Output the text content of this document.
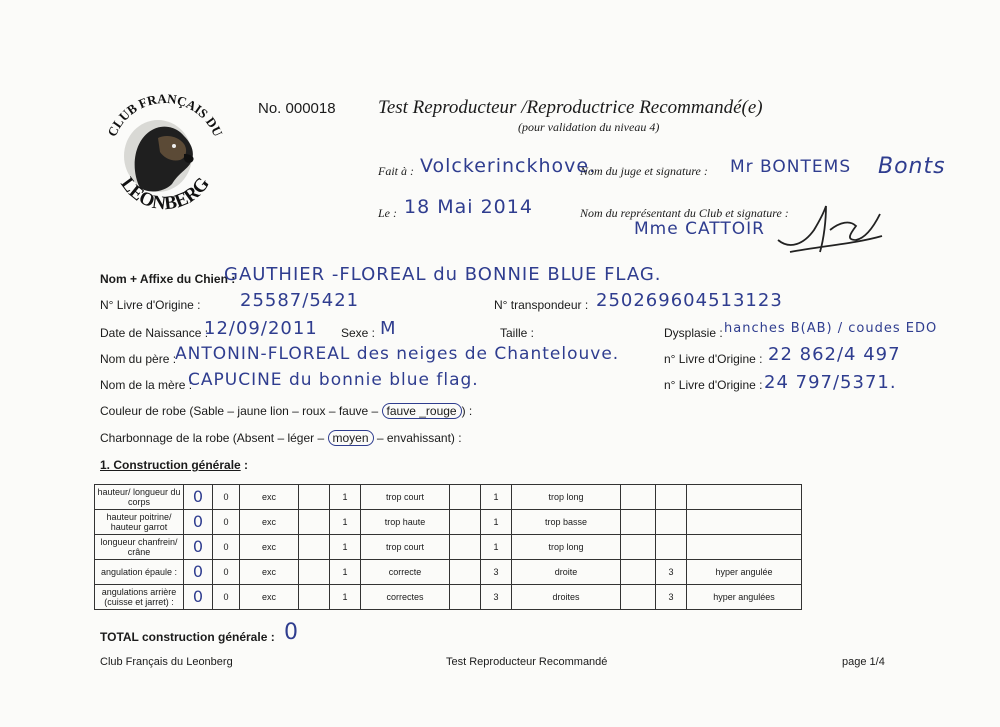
CLUB FRANÇAIS DU
LEONBERG
No. 000018 Test Reproducteur /Reproductrice Recommandé(e)
(pour validation du niveau 4)
Fait à : Volckerinckhove.
Le : 18 Mai 2014
Nom du juge et signature : Mr BONTEMS Bonts
Nom du représentant du Club et signature :
Mme CATTOIR
Nom + Affixe du Chien :
GAUTHIER -FLOREAL du BONNIE BLUE FLAG.
N° Livre d'Origine : 25587/5421	N° transpondeur : 250269604513123
Date de Naissance :
12/09/2011 Sexe : M	Taille :	Dysplasie : hanches B(AB) / coudes EDO
Nom du père :
ANTONIN-FLOREAL des neiges de Chantelouve.	n° Livre d'Origine : 22 862/4 497
Nom de la mère :
CAPUCINE du bonnie blue flag.	n° Livre d'Origine : 24 797/5371.
Couleur de robe (Sable – jaune lion – roux – fauve – fauve _rouge ) :
Charbonnage de la robe (Absent – léger – moyen – envahissant) :
1. Construction générale :
hauteur/ longueur du corps	0	0	exc		1	trop court		1	trop long			
hauteur poitrine/ hauteur garrot	0	0	exc		1	trop haute		1	trop basse			
longueur chanfrein/ crâne	0	0	exc		1	trop court		1	trop long			
angulation épaule :	0	0	exc		1	correcte		3	droite		3	hyper angulée
angulations arrière (cuisse et jarret) :	0	0	exc		1	correctes		3	droites		3	hyper angulées
TOTAL construction générale : 0
Club Français du Leonberg	Test Reproducteur Recommandé	page 1/4
